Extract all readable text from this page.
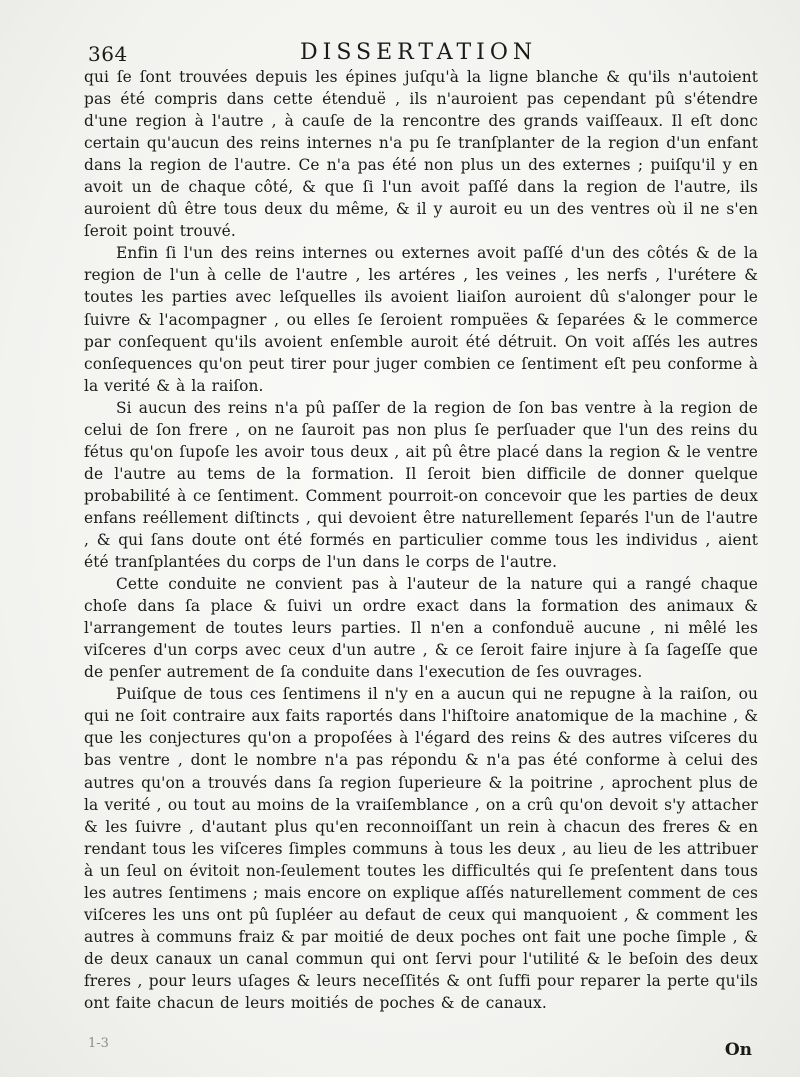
364	DISSERTATION

qui ſe ſont trouvées depuis les épines juſqu'à la ligne blanche & qu'ils n'autoient pas été compris dans cette étenduë , ils n'auroient pas cependant pû s'étendre d'une region à l'autre , à cauſe de la rencontre des grands vaiſſeaux. Il eſt donc certain qu'aucun des reins internes n'a pu ſe tranſplanter de la region d'un enfant dans la region de l'autre. Ce n'a pas été non plus un des externes ; puiſqu'il y en avoit un de chaque côté, & que ſi l'un avoit paſſé dans la region de l'autre, ils auroient dû être tous deux du même, & il y auroit eu un des ventres où il ne s'en ſeroit point trouvé.

Enfin ſi l'un des reins internes ou externes avoit paſſé d'un des côtés & de la region de l'un à celle de l'autre , les artéres , les veines , les nerfs , l'urétere & toutes les parties avec leſquelles ils avoient liaiſon auroient dû s'alonger pour le ſuivre & l'acompagner , ou elles ſe ſeroient rompuëes & ſeparées & le commerce par conſequent qu'ils avoient enſemble auroit été détruit. On voit aſſés les autres conſequences qu'on peut tirer pour juger combien ce ſentiment eſt peu conforme à la verité & à la raiſon.

Si aucun des reins n'a pû paſſer de la region de ſon bas ventre à la region de celui de ſon frere , on ne ſauroit pas non plus ſe perſuader que l'un des reins du fétus qu'on ſupoſe les avoir tous deux , ait pû être placé dans la region & le ventre de l'autre au tems de la formation. Il ſeroit bien difficile de donner quelque probabilité à ce ſentiment. Comment pourroit-on concevoir que les parties de deux enfans reéllement diſtincts , qui devoient être naturellement ſeparés l'un de l'autre , & qui ſans doute ont été formés en particulier comme tous les individus , aient été tranſplantées du corps de l'un dans le corps de l'autre.

Cette conduite ne convient pas à l'auteur de la nature qui a rangé chaque choſe dans ſa place & ſuivi un ordre exact dans la formation des animaux & l'arrangement de toutes leurs parties. Il n'en a confonduë aucune , ni mêlé les viſceres d'un corps avec ceux d'un autre , & ce ſeroit faire injure à ſa ſageſſe que de penſer autrement de ſa conduite dans l'execution de ſes ouvrages.

Puiſque de tous ces ſentimens il n'y en a aucun qui ne repugne à la raiſon, ou qui ne ſoit contraire aux faits raportés dans l'hiſtoire anatomique de la machine , & que les conjectures qu'on a propoſées à l'égard des reins & des autres viſceres du bas ventre , dont le nombre n'a pas répondu & n'a pas été conforme à celui des autres qu'on a trouvés dans ſa region ſuperieure & la poitrine , aprochent plus de la verité , ou tout au moins de la vraiſemblance , on a crû qu'on devoit s'y attacher & les ſuivre , d'autant plus qu'en reconnoiſſant un rein à chacun des freres & en rendant tous les viſceres ſimples communs à tous les deux , au lieu de les attribuer à un ſeul on évitoit non-ſeulement toutes les difficultés qui ſe preſentent dans tous les autres ſentimens ; mais encore on explique aſſés naturellement comment de ces viſceres les uns ont pû ſupléer au defaut de ceux qui manquoient , & comment les autres à communs fraiz & par moitié de deux poches ont fait une poche ſimple , & de deux canaux un canal commun qui ont ſervi pour l'utilité & le beſoin des deux freres , pour leurs uſages & leurs neceſſités & ont ſuffi pour reparer la perte qu'ils ont faite chacun de leurs moitiés de poches & de canaux.

1-3	On
